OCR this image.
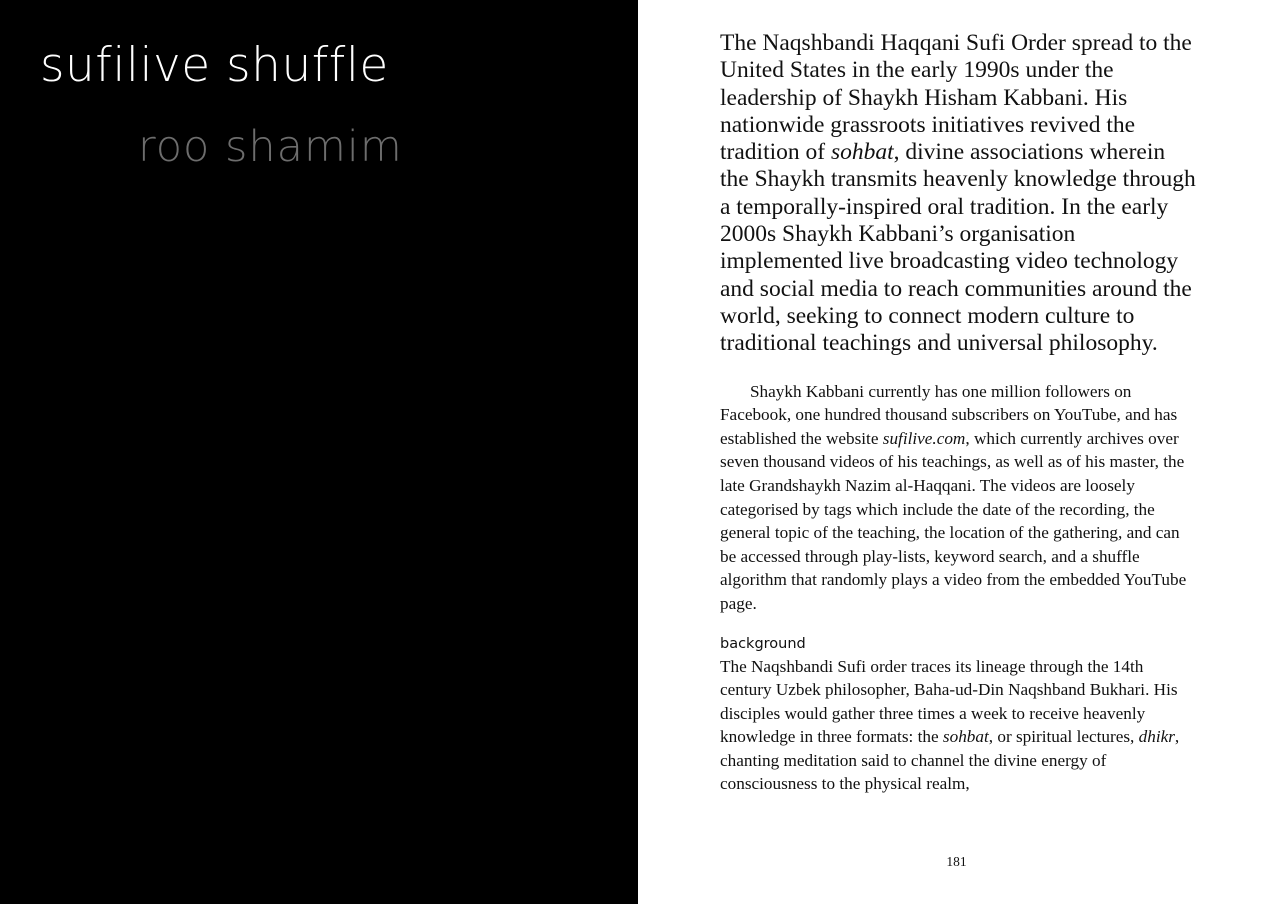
sufilive shuffle
roo shamim

The Naqshbandi Haqqani Sufi Order spread to the United States in the early 1990s under the leadership of Shaykh Hisham Kabbani. His nationwide grassroots initiatives revived the tradition of sohbat, divine associations wherein the Shaykh transmits heavenly knowledge through a temporally-inspired oral tradition. In the early 2000s Shaykh Kabbani’s organisation implemented live broadcasting video technology and social media to reach communities around the world, seeking to connect modern culture to traditional teachings and universal philosophy.

Shaykh Kabbani currently has one million followers on Facebook, one hundred thousand subscribers on YouTube, and has established the website sufilive.com, which currently archives over seven thousand videos of his teachings, as well as of his master, the late Grandshaykh Nazim al-Haqqani. The videos are loosely categorised by tags which include the date of the recording, the general topic of the teaching, the location of the gathering, and can be accessed through play-lists, keyword search, and a shuffle algorithm that randomly plays a video from the embedded YouTube page.

background

The Naqshbandi Sufi order traces its lineage through the 14th century Uzbek philosopher, Baha-ud-Din Naqshband Bukhari. His disciples would gather three times a week to receive heavenly knowledge in three formats: the sohbat, or spiritual lectures, dhikr, chanting meditation said to channel the divine energy of consciousness to the physical realm,

181
